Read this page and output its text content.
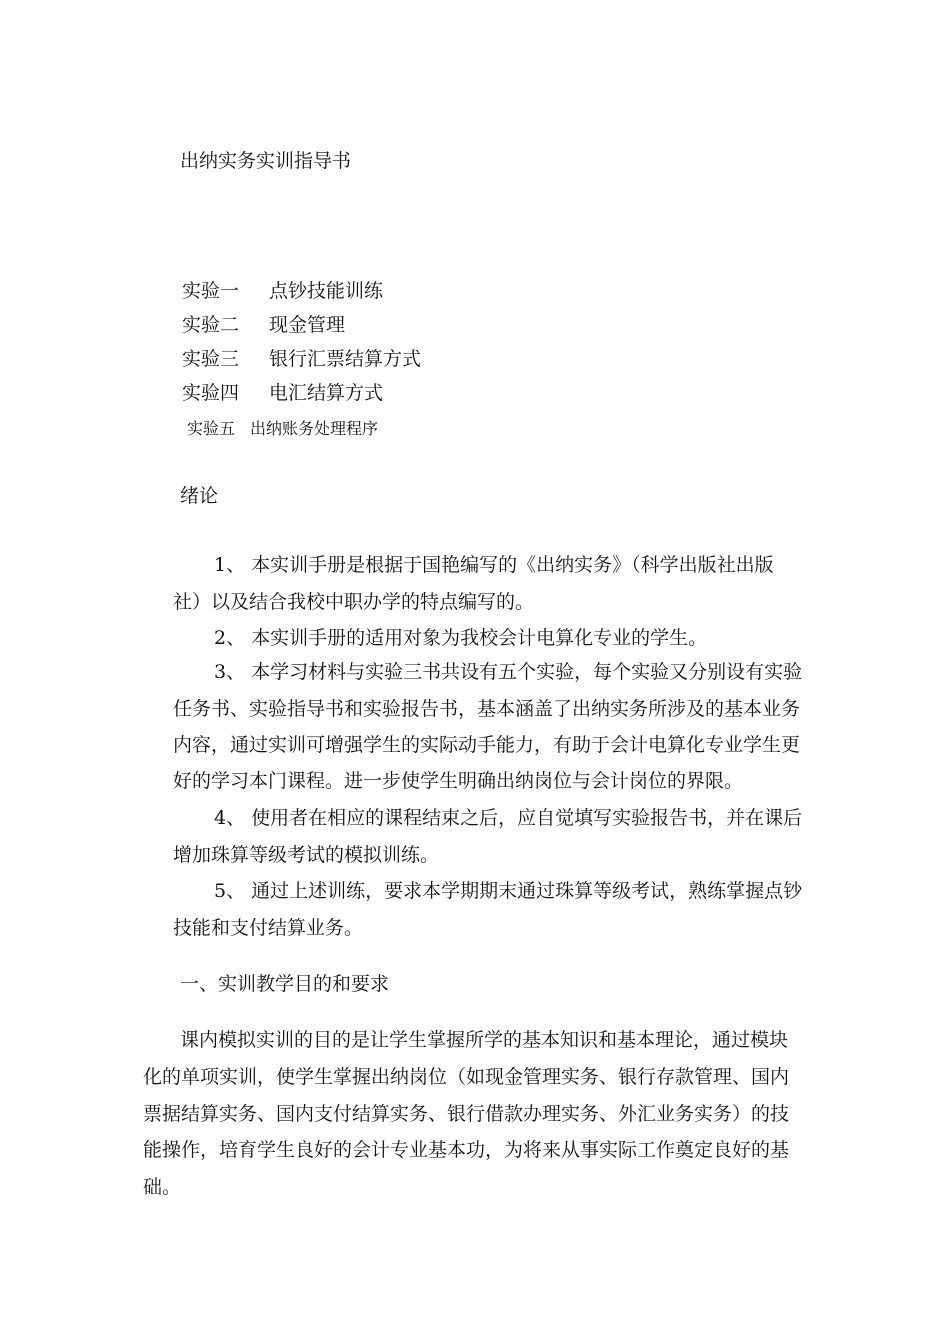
出纳实务实训指导书
实验一 点钞技能训练
实验二 现金管理
实验三 银行汇票结算方式
实验四 电汇结算方式
实验五 出纳账务处理程序
绪论
1、 本实训手册是根据于国艳编写的《出纳实务》（科学出版社出版
社）以及结合我校中职办学的特点编写的。
2、 本实训手册的适用对象为我校会计电算化专业的学生。
3、 本学习材料与实验三书共设有五个实验，每个实验又分别设有实验
任务书、实验指导书和实验报告书，基本涵盖了出纳实务所涉及的基本业务
内容，通过实训可增强学生的实际动手能力，有助于会计电算化专业学生更
好的学习本门课程。进一步使学生明确出纳岗位与会计岗位的界限。
4、 使用者在相应的课程结束之后，应自觉填写实验报告书，并在课后
增加珠算等级考试的模拟训练。
5、 通过上述训练，要求本学期期末通过珠算等级考试，熟练掌握点钞
技能和支付结算业务。
一、实训教学目的和要求
课内模拟实训的目的是让学生掌握所学的基本知识和基本理论，通过模块
化的单项实训，使学生掌握出纳岗位（如现金管理实务、银行存款管理、国内
票据结算实务、国内支付结算实务、银行借款办理实务、外汇业务实务）的技
能操作，培育学生良好的会计专业基本功，为将来从事实际工作奠定良好的基
础。
